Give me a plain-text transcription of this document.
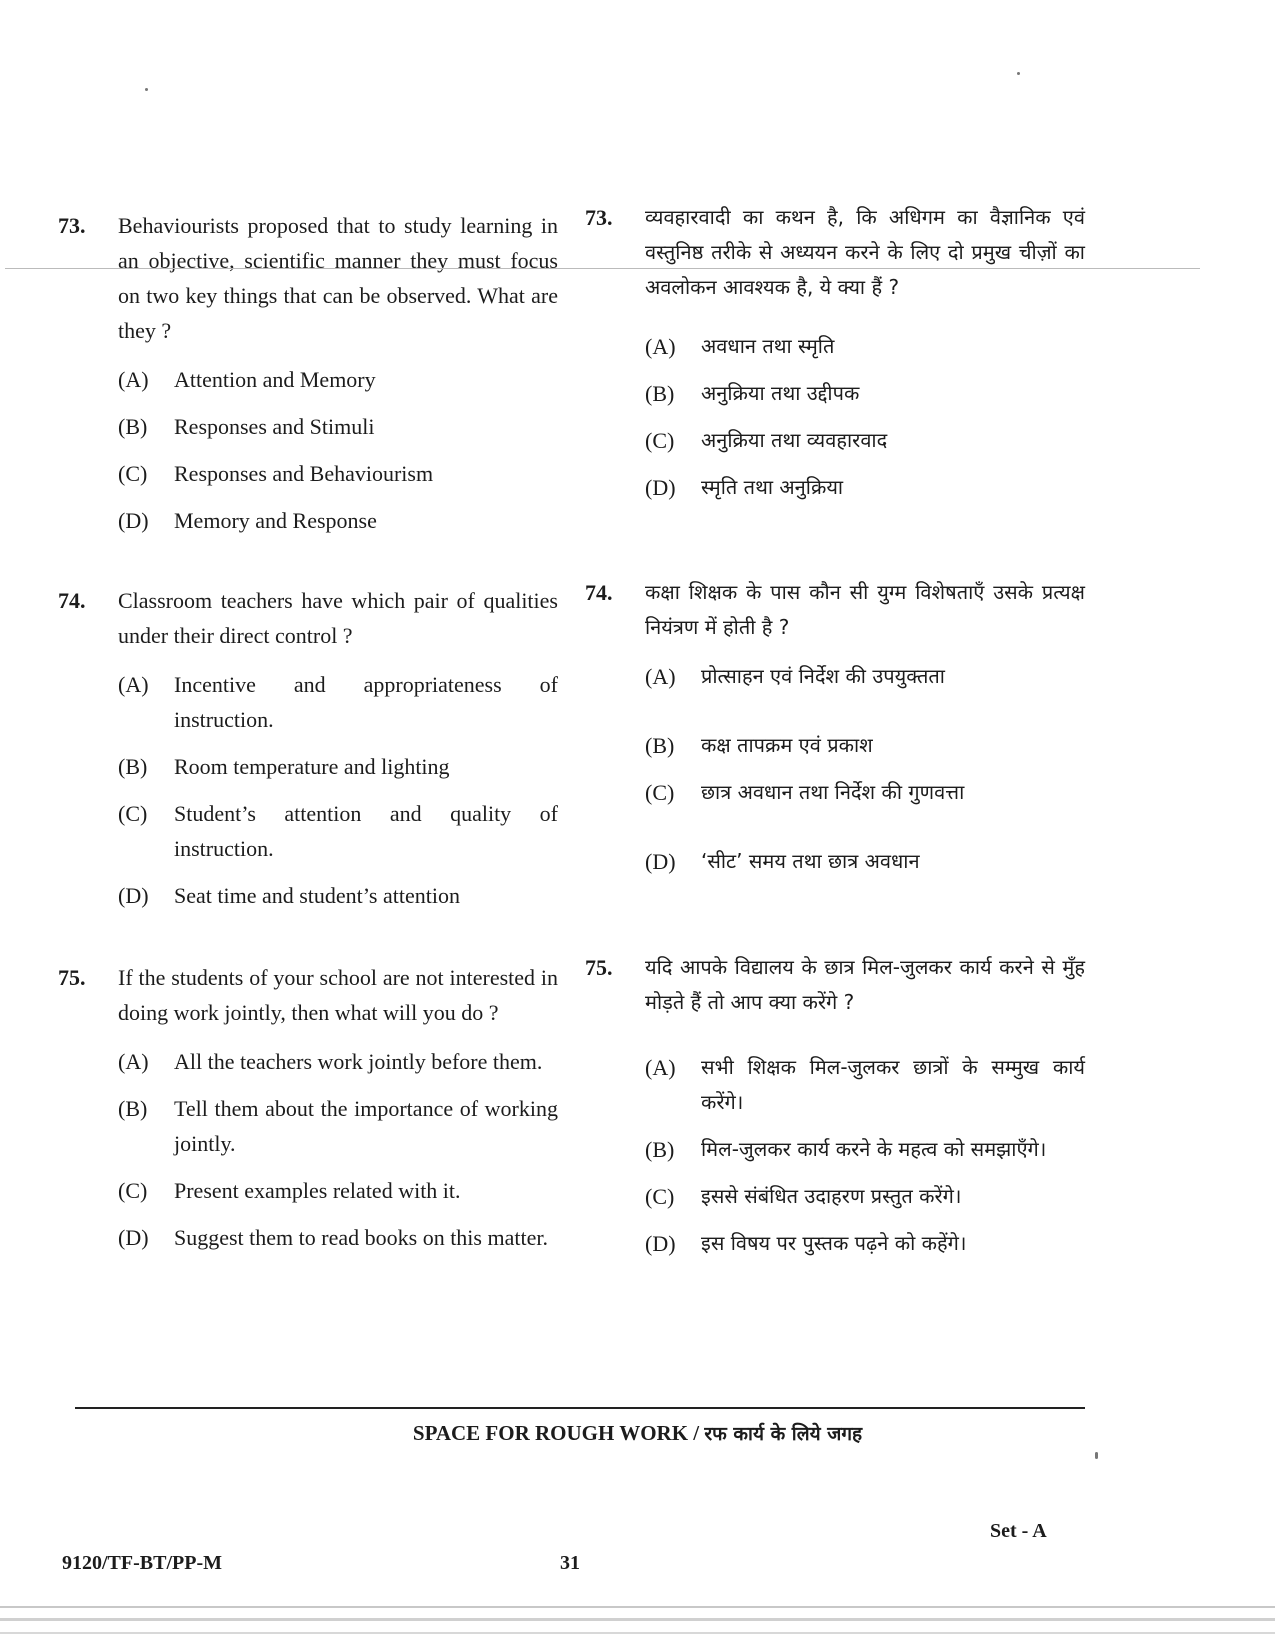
73.	Behaviourists proposed that to study learning in an objective, scientific manner they must focus on two key things that can be observed. What are they ?
(A)	Attention and Memory
(B)	Responses and Stimuli
(C)	Responses and Behaviourism
(D)	Memory and Response
74.	Classroom teachers have which pair of qualities under their direct control ?
(A)	Incentive and appropriateness of instruction.
(B)	Room temperature and lighting
(C)	Student’s attention and quality of instruction.
(D)	Seat time and student’s attention
75.	If the students of your school are not interested in doing work jointly, then what will you do ?
(A)	All the teachers work jointly before them.
(B)	Tell them about the importance of working jointly.
(C)	Present examples related with it.
(D)	Suggest them to read books on this matter.
73.	व्यवहारवादी का कथन है, कि अधिगम का वैज्ञानिक एवं वस्तुनिष्ठ तरीके से अध्ययन करने के लिए दो प्रमुख चीज़ों का अवलोकन आवश्यक है, ये क्या हैं ?
(A)	अवधान तथा स्मृति
(B)	अनुक्रिया तथा उद्दीपक
(C)	अनुक्रिया तथा व्यवहारवाद
(D)	स्मृति तथा अनुक्रिया
74.	कक्षा शिक्षक के पास कौन सी युग्म विशेषताएँ उसके प्रत्यक्ष नियंत्रण में होती है ?
(A)	प्रोत्साहन एवं निर्देश की उपयुक्तता
(B)	कक्ष तापक्रम एवं प्रकाश
(C)	छात्र अवधान तथा निर्देश की गुणवत्ता
(D)	‘सीट’ समय तथा छात्र अवधान
75.	यदि आपके विद्यालय के छात्र मिल-जुलकर कार्य करने से मुँह मोड़ते हैं तो आप क्या करेंगे ?
(A)	सभी शिक्षक मिल-जुलकर छात्रों के सम्मुख कार्य करेंगे।
(B)	मिल-जुलकर कार्य करने के महत्व को समझाएँगे।
(C)	इससे संबंधित उदाहरण प्रस्तुत करेंगे।
(D)	इस विषय पर पुस्तक पढ़ने को कहेंगे।
SPACE FOR ROUGH WORK / रफ कार्य के लिये जगह
9120/TF-BT/PP-M	31
Set - A
